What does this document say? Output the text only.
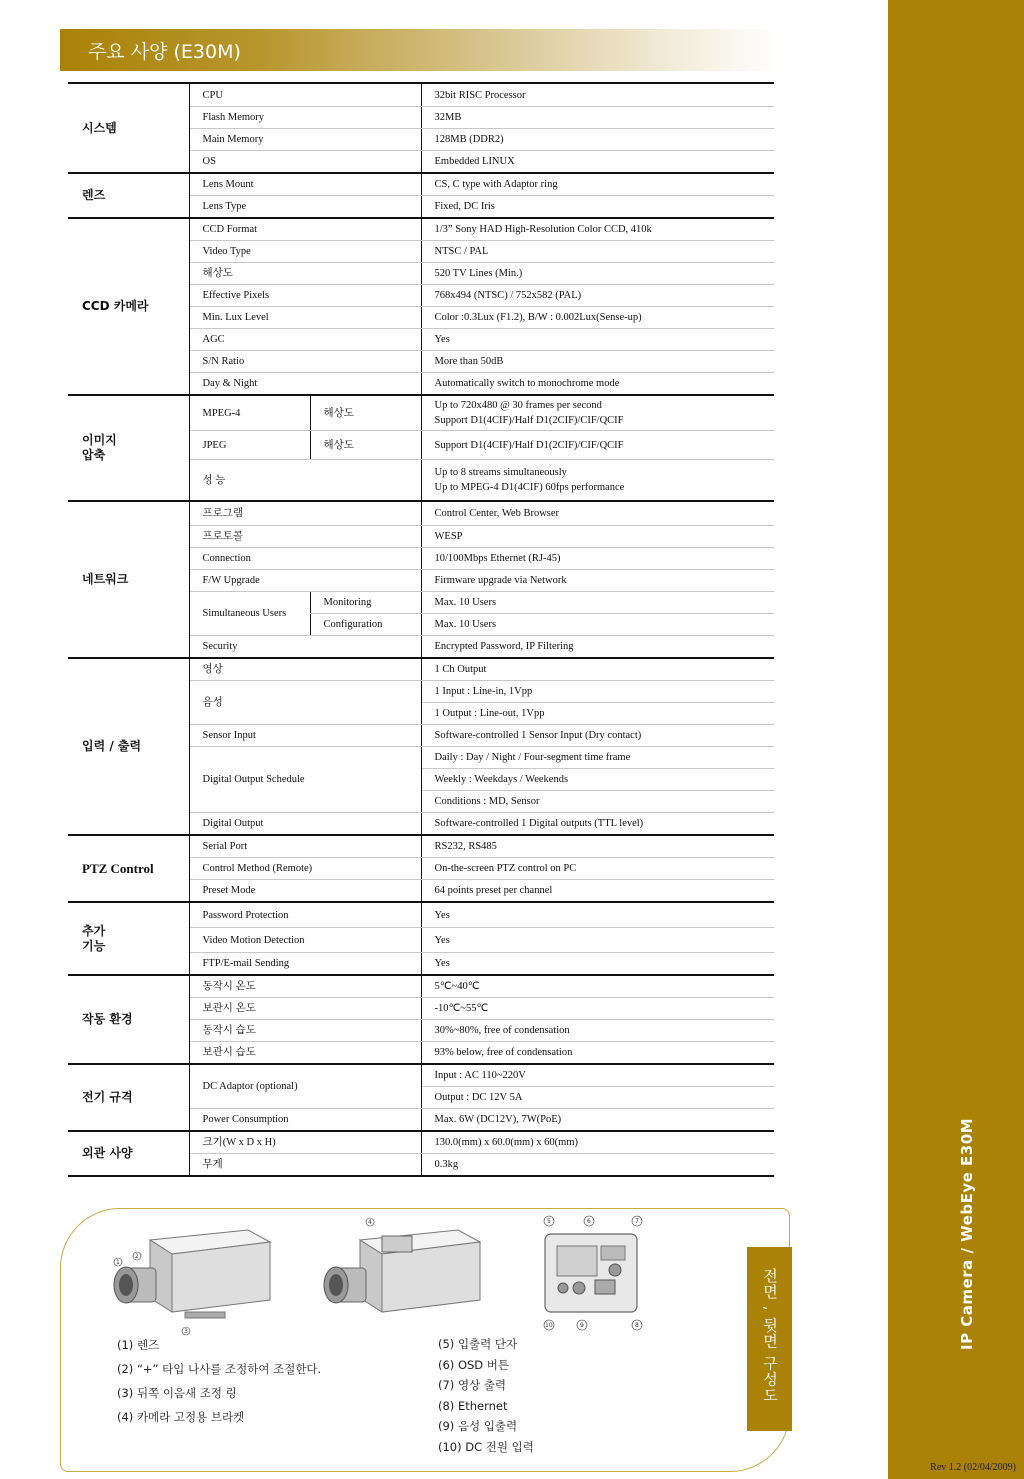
IP Camera / WebEye E30M
Rev 1.2 (02/04/2009)
주요 사양 (E30M)
시스템	CPU		32bit RISC Processor
	Flash Memory		32MB
	Main Memory		128MB (DDR2)
	OS		Embedded LINUX
렌즈	Lens Mount		CS, C type with Adaptor ring
	Lens Type		Fixed, DC Iris
CCD 카메라	CCD Format		1/3” Sony HAD High-Resolution Color CCD, 410k
	Video Type		NTSC / PAL
	해상도		520 TV Lines (Min.)
	Effective Pixels		768x494 (NTSC) / 752x582 (PAL)
	Min. Lux Level		Color :0.3Lux (F1.2), B/W : 0.002Lux(Sense-up)
	AGC		Yes
	S/N Ratio		More than 50dB
	Day & Night		Automatically switch to monochrome mode
이미지
압축	MPEG-4	해상도	Up to 720x480 @ 30 frames per second
Support D1(4CIF)/Half D1(2CIF)/CIF/QCIF
	JPEG	해상도	Support D1(4CIF)/Half D1(2CIF)/CIF/QCIF
	성 능		Up to 8 streams simultaneously
Up to MPEG-4 D1(4CIF) 60fps performance
네트워크	프로그램		Control Center, Web Browser
	프로토콜		WESP
	Connection		10/100Mbps Ethernet (RJ-45)
	F/W Upgrade		Firmware upgrade via Network
	Simultaneous Users	Monitoring	Max. 10 Users
		Configuration	Max. 10 Users
	Security		Encrypted Password, IP Filtering
입력 / 출력	영상		1 Ch Output
	음성		1 Input : Line-in, 1Vpp
			1 Output : Line-out, 1Vpp
	Sensor Input		Software-controlled 1 Sensor Input (Dry contact)
	Digital Output Schedule		Daily : Day / Night / Four-segment time frame
			Weekly : Weekdays / Weekends
			Conditions : MD, Sensor
	Digital Output		Software-controlled 1 Digital outputs (TTL level)
PTZ Control	Serial Port		RS232, RS485
	Control Method (Remote)		On-the-screen PTZ control on PC
	Preset Mode		64 points preset per channel
추가
기능	Password Protection		Yes
	Video Motion Detection		Yes
	FTP/E-mail Sending		Yes
작동 환경	동작시 온도		5℃~40℃
	보관시 온도		-10℃~55℃
	동작시 습도		30%~80%, free of condensation
	보관시 습도		93% below, free of condensation
전기 규격	DC Adaptor (optional)		Input : AC 110~220V
			Output : DC 12V 5A
	Power Consumption		Max. 6W (DC12V), 7W(PoE)
외관 사양	크기(W x D x H)		130.0(mm) x 60.0(mm) x 60(mm)
	무게		0.3kg
1
2
3
4	5	6	7
8
9
10	전면 , 뒷면 구성도
(1) 렌즈
(2) “+” 타입 나사를 조정하여 조절한다.
(3) 뒤쪽 이음새 조정 링
(4) 카메라 고정용 브라켓
(5) 입출력 단자
(6) OSD 버튼
(7) 영상 출력
(8) Ethernet
(9) 음성 입출력
(10) DC 전원 입력
